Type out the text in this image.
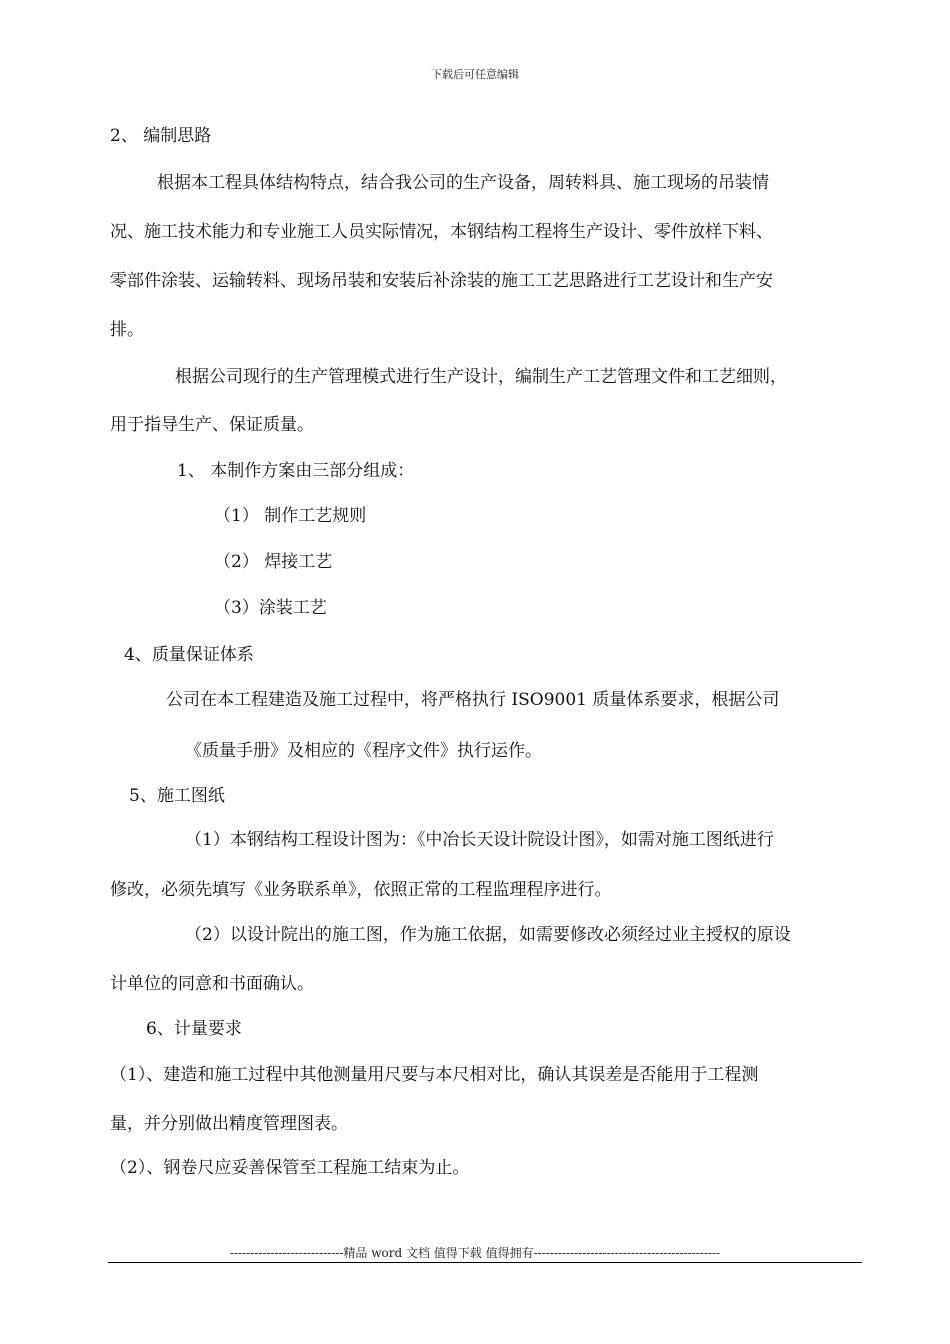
下载后可任意编辑
2、 编制思路
根据本工程具体结构特点，结合我公司的生产设备，周转料具、施工现场的吊装情
况、施工技术能力和专业施工人员实际情况，本钢结构工程将生产设计、零件放样下料、
零部件涂装、运输转料、现场吊装和安装后补涂装的施工工艺思路进行工艺设计和生产安
排。
根据公司现行的生产管理模式进行生产设计，编制生产工艺管理文件和工艺细则，
用于指导生产、保证质量。
1、 本制作方案由三部分组成：
（1） 制作工艺规则
（2） 焊接工艺
（3）涂装工艺
4、质量保证体系
公司在本工程建造及施工过程中，将严格执行 ISO9001 质量体系要求，根据公司
《质量手册》及相应的《程序文件》执行运作。
5、施工图纸
（1）本钢结构工程设计图为：《中冶长天设计院设计图》，如需对施工图纸进行
修改，必须先填写《业务联系单》，依照正常的工程监理程序进行。
（2）以设计院出的施工图，作为施工依据，如需要修改必须经过业主授权的原设
计单位的同意和书面确认。
6、计量要求
（1）、建造和施工过程中其他测量用尺要与本尺相对比，确认其误差是否能用于工程测
量，并分别做出精度管理图表。
（2）、钢卷尺应妥善保管至工程施工结束为止。
----------------------------精品 word 文档 值得下载 值得拥有----------------------------------------------
